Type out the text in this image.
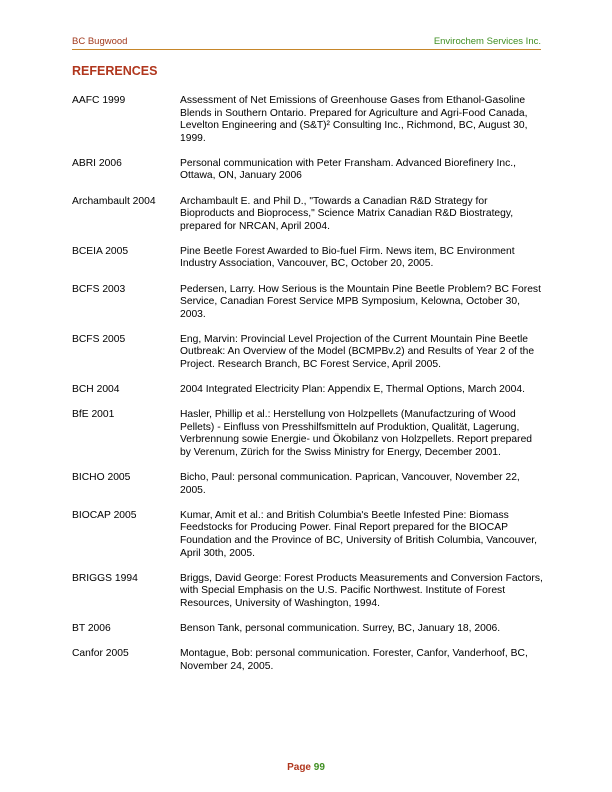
BC Bugwood	Envirochem Services Inc.
REFERENCES
AAFC 1999	Assessment of Net Emissions of Greenhouse Gases from Ethanol-Gasoline Blends in Southern Ontario. Prepared for Agriculture and Agri-Food Canada, Levelton Engineering and (S&T)² Consulting Inc., Richmond, BC, August 30, 1999.
ABRI 2006	Personal communication with Peter Fransham. Advanced Biorefinery Inc., Ottawa, ON, January 2006
Archambault 2004	Archambault E. and Phil D., "Towards a Canadian R&D Strategy for Bioproducts and Bioprocess," Science Matrix Canadian R&D Biostrategy, prepared for NRCAN, April 2004.
BCEIA 2005	Pine Beetle Forest Awarded to Bio-fuel Firm. News item, BC Environment Industry Association, Vancouver, BC, October 20, 2005.
BCFS 2003	Pedersen, Larry. How Serious is the Mountain Pine Beetle Problem? BC Forest Service, Canadian Forest Service MPB Symposium, Kelowna, October 30, 2003.
BCFS 2005	Eng, Marvin: Provincial Level Projection of the Current Mountain Pine Beetle Outbreak: An Overview of the Model (BCMPBv.2) and Results of Year 2 of the Project. Research Branch, BC Forest Service, April 2005.
BCH 2004	2004 Integrated Electricity Plan: Appendix E, Thermal Options, March 2004.
BfE 2001	Hasler, Phillip et al.: Herstellung von Holzpellets (Manufactzuring of Wood Pellets) - Einfluss von Presshilfsmitteln auf Produktion, Qualität, Lagerung, Verbrennung sowie Energie- und Ökobilanz von Holzpellets. Report prepared by Verenum, Zürich for the Swiss Ministry for Energy, December 2001.
BICHO 2005	Bicho, Paul: personal communication. Paprican, Vancouver, November 22, 2005.
BIOCAP 2005	Kumar, Amit et al.: and British Columbia's Beetle Infested Pine: Biomass Feedstocks for Producing Power. Final Report prepared for the BIOCAP Foundation and the Province of BC, University of British Columbia, Vancouver, April 30th, 2005.
BRIGGS 1994	Briggs, David George: Forest Products Measurements and Conversion Factors, with Special Emphasis on the U.S. Pacific Northwest. Institute of Forest Resources, University of Washington, 1994.
BT 2006	Benson Tank, personal communication. Surrey, BC, January 18, 2006.
Canfor 2005	Montague, Bob: personal communication. Forester, Canfor, Vanderhoof, BC, November 24, 2005.
Page 99
